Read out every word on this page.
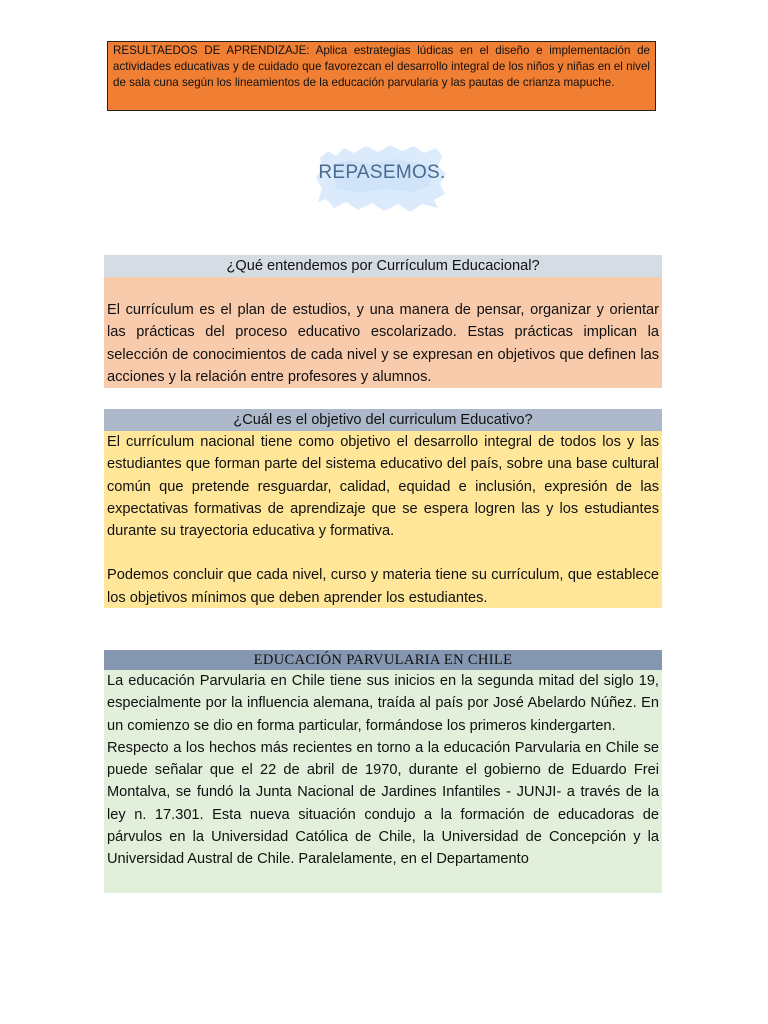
RESULTAEDOS DE APRENDIZAJE: Aplica estrategias lúdicas en el diseño e implementación de actividades educativas y de cuidado que favorezcan el desarrollo integral de los niños y niñas en el nivel de sala cuna según los lineamientos de la educación parvularia y las pautas de crianza mapuche.
REPASEMOS.
¿Qué entendemos por Currículum Educacional?

El currículum es el plan de estudios, y una manera de pensar, organizar y orientar las prácticas del proceso educativo escolarizado. Estas prácticas implican la selección de conocimientos de cada nivel y se expresan en objetivos que definen las acciones y la relación entre profesores y alumnos.

¿Cuál es el objetivo del curriculum Educativo?

El currículum nacional tiene como objetivo el desarrollo integral de todos los y las estudiantes que forman parte del sistema educativo del país, sobre una base cultural común que pretende resguardar, calidad, equidad e inclusión, expresión de las expectativas formativas de aprendizaje que se espera logren las y los estudiantes durante su trayectoria educativa y formativa.

Podemos concluir que cada nivel, curso y materia tiene su currículum, que establece los objetivos mínimos que deben aprender los estudiantes.

EDUCACIÓN PARVULARIA EN CHILE

La educación Parvularia en Chile tiene sus inicios en la segunda mitad del siglo 19, especialmente por la influencia alemana, traída al país por José Abelardo Núñez. En un comienzo se dio en forma particular, formándose los primeros kindergarten.

Respecto a los hechos más recientes en torno a la educación Parvularia en Chile se puede señalar que el 22 de abril de 1970, durante el gobierno de Eduardo Frei Montalva, se fundó la Junta Nacional de Jardines Infantiles - JUNJI- a través de la ley n. 17.301. Esta nueva situación condujo a la formación de educadoras de párvulos en la Universidad Católica de Chile, la Universidad de Concepción y la Universidad Austral de Chile. Paralelamente, en el Departamento
